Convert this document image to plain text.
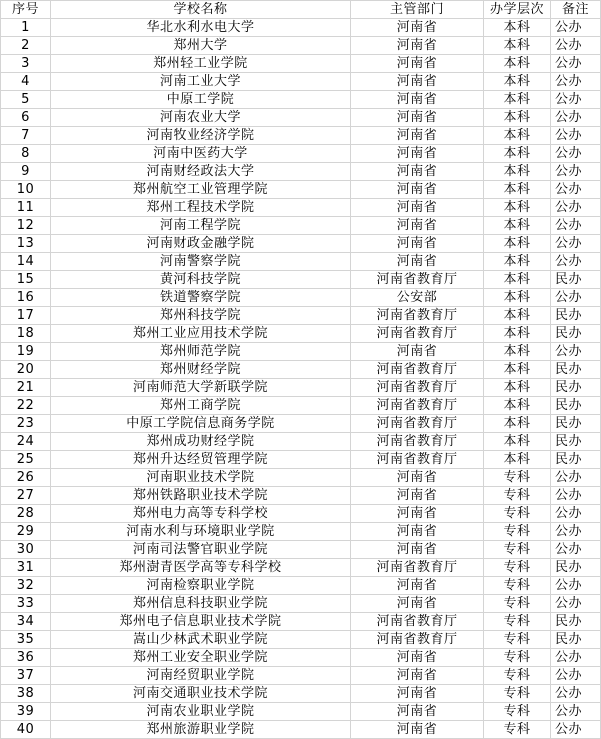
序号	学校名称	主管部门	办学层次	备注
1	华北水利水电大学	河南省	本科	公办
2	郑州大学	河南省	本科	公办
3	郑州轻工业学院	河南省	本科	公办
4	河南工业大学	河南省	本科	公办
5	中原工学院	河南省	本科	公办
6	河南农业大学	河南省	本科	公办
7	河南牧业经济学院	河南省	本科	公办
8	河南中医药大学	河南省	本科	公办
9	河南财经政法大学	河南省	本科	公办
10	郑州航空工业管理学院	河南省	本科	公办
11	郑州工程技术学院	河南省	本科	公办
12	河南工程学院	河南省	本科	公办
13	河南财政金融学院	河南省	本科	公办
14	河南警察学院	河南省	本科	公办
15	黄河科技学院	河南省教育厅	本科	民办
16	铁道警察学院	公安部	本科	公办
17	郑州科技学院	河南省教育厅	本科	民办
18	郑州工业应用技术学院	河南省教育厅	本科	民办
19	郑州师范学院	河南省	本科	公办
20	郑州财经学院	河南省教育厅	本科	民办
21	河南师范大学新联学院	河南省教育厅	本科	民办
22	郑州工商学院	河南省教育厅	本科	民办
23	中原工学院信息商务学院	河南省教育厅	本科	民办
24	郑州成功财经学院	河南省教育厅	本科	民办
25	郑州升达经贸管理学院	河南省教育厅	本科	民办
26	河南职业技术学院	河南省	专科	公办
27	郑州铁路职业技术学院	河南省	专科	公办
28	郑州电力高等专科学校	河南省	专科	公办
29	河南水利与环境职业学院	河南省	专科	公办
30	河南司法警官职业学院	河南省	专科	公办
31	郑州澍青医学高等专科学校	河南省教育厅	专科	民办
32	河南检察职业学院	河南省	专科	公办
33	郑州信息科技职业学院	河南省	专科	公办
34	郑州电子信息职业技术学院	河南省教育厅	专科	民办
35	嵩山少林武术职业学院	河南省教育厅	专科	民办
36	郑州工业安全职业学院	河南省	专科	公办
37	河南经贸职业学院	河南省	专科	公办
38	河南交通职业技术学院	河南省	专科	公办
39	河南农业职业学院	河南省	专科	公办
40	郑州旅游职业学院	河南省	专科	公办
